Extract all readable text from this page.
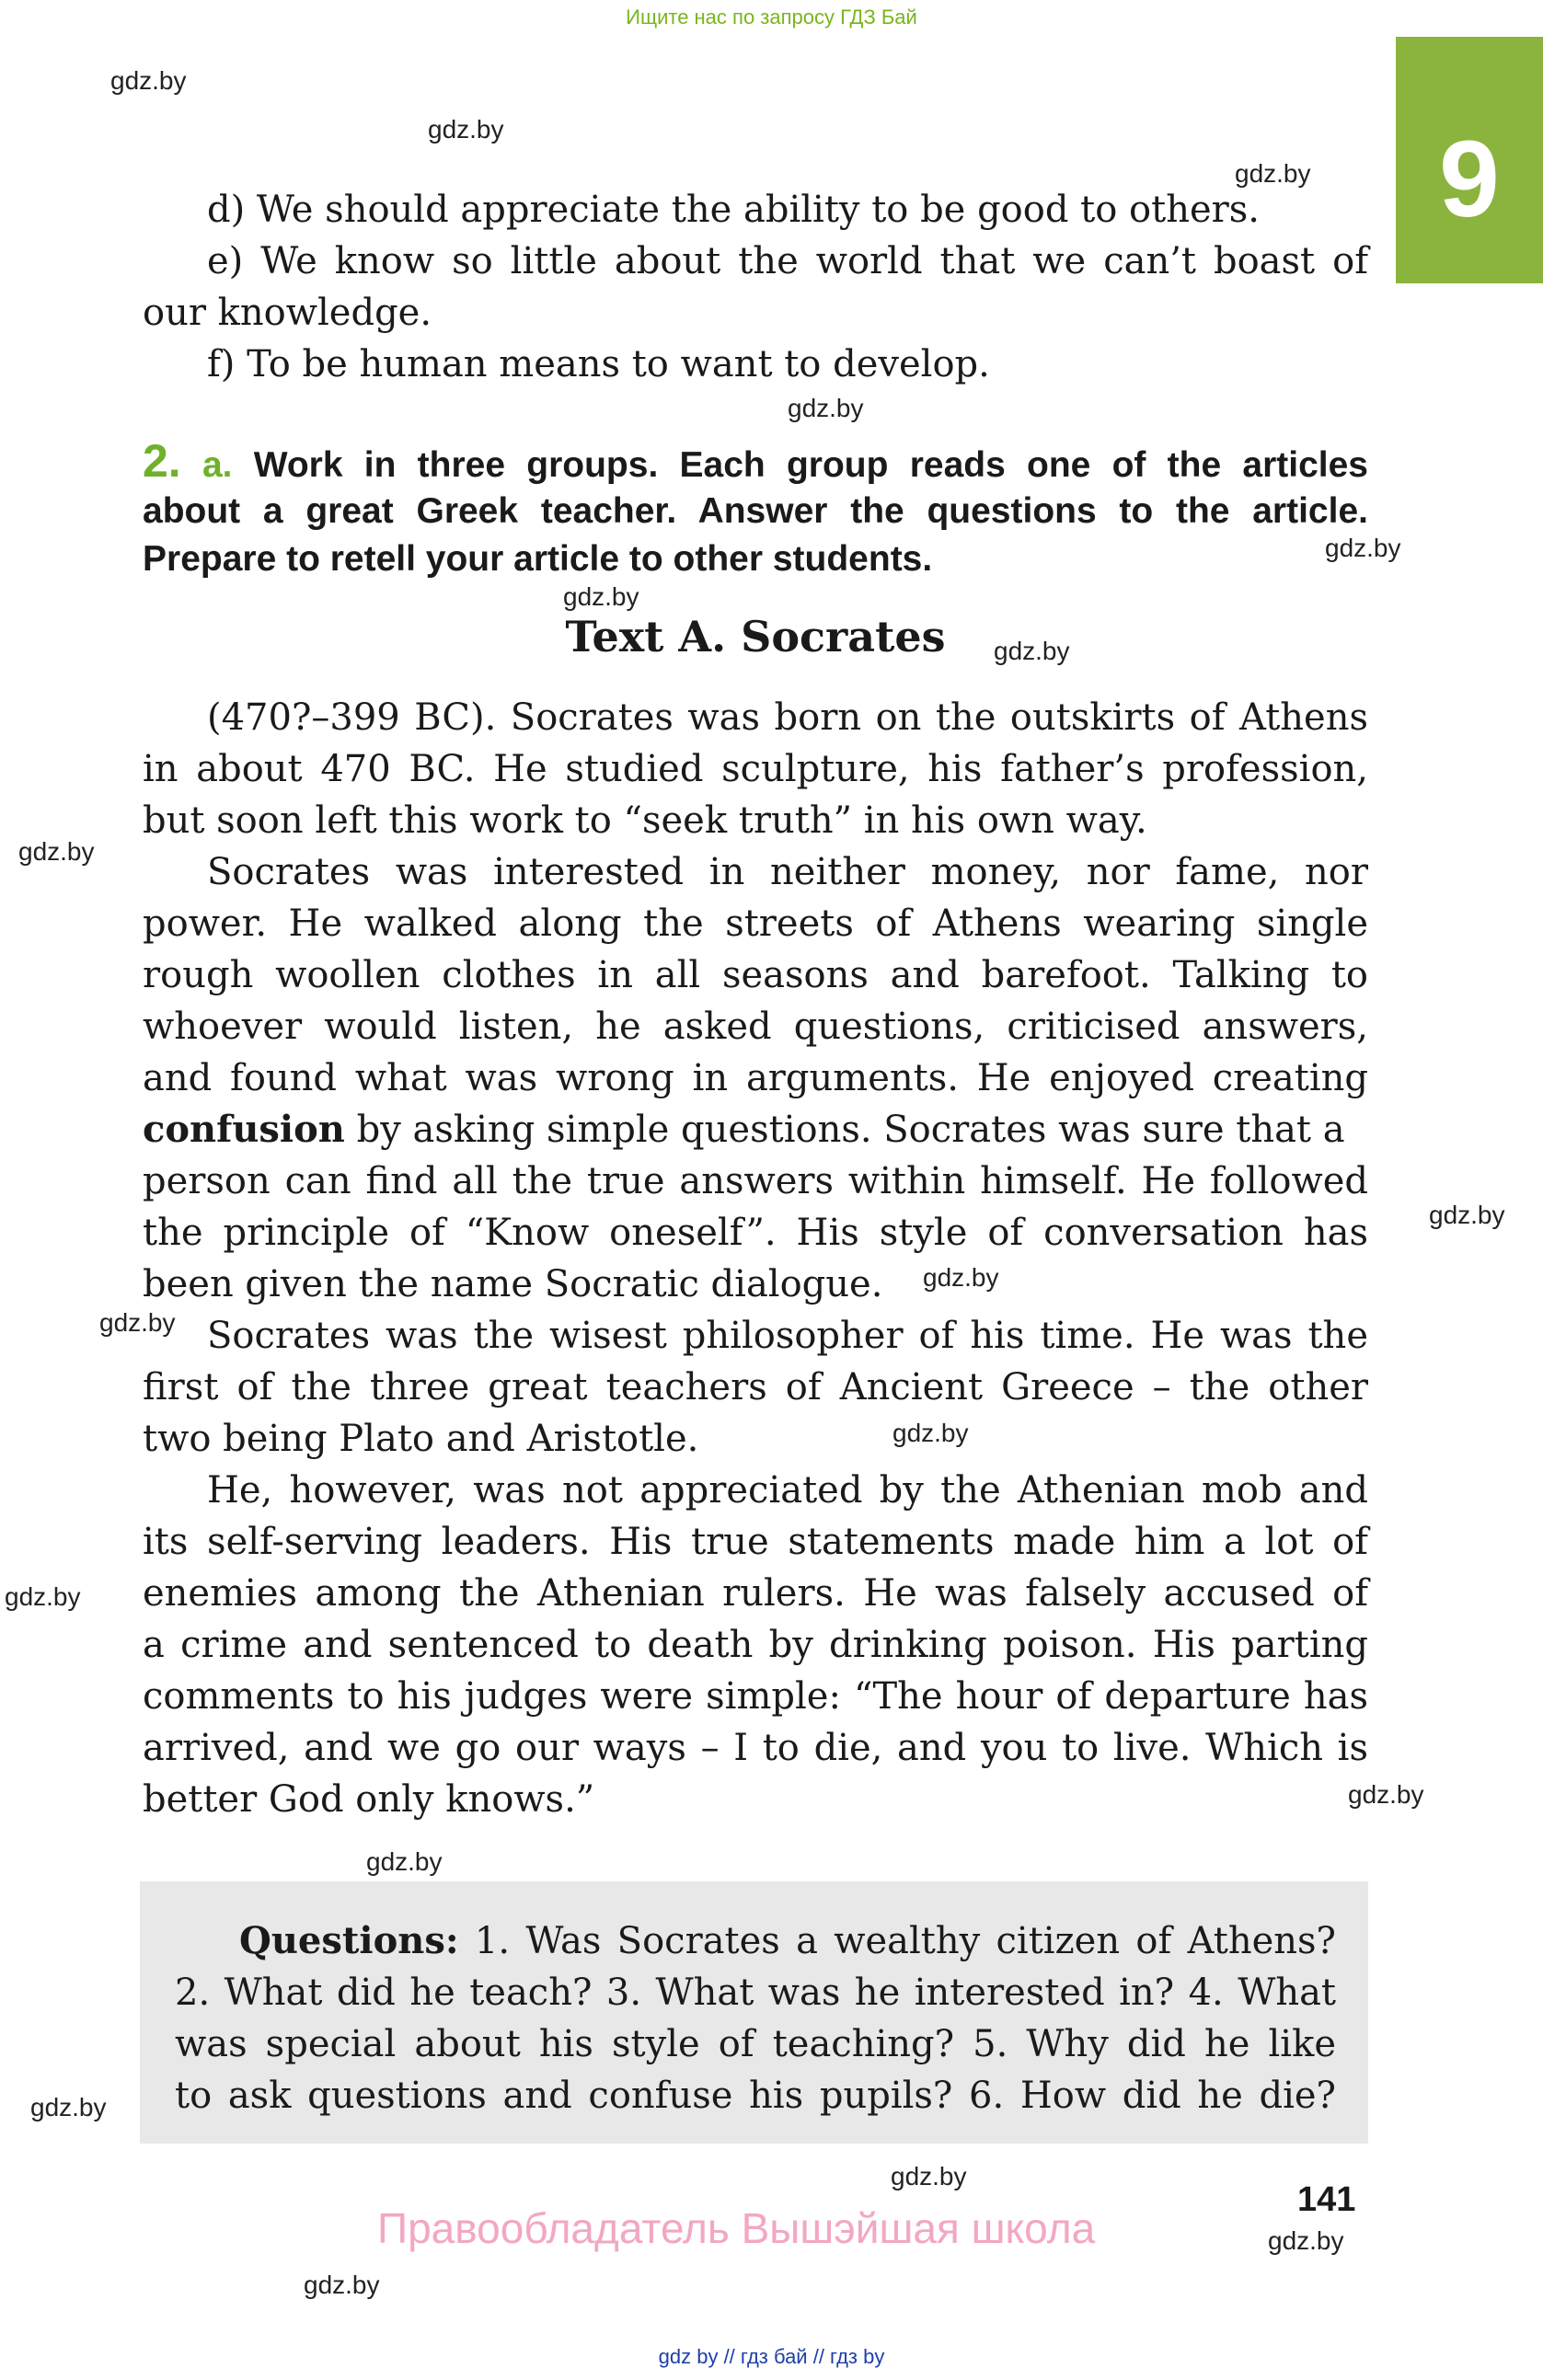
Ищите нас по запросу ГДЗ Бай
9
gdz.by
gdz.by
gdz.by
gdz.by
gdz.by
gdz.by
gdz.by
gdz.by
gdz.by
gdz.by
gdz.by
gdz.by
gdz.by
gdz.by
gdz.by
gdz.by
gdz.by
gdz.by
gdz.by
d) We should appreciate the ability to be good to others.
e) We know so little about the world that we can’t boast of
our knowledge.
f) To be human means to want to develop.
2. a. Work in three groups. Each group reads one of the articles
about a great Greek teacher. Answer the questions to the article.
Prepare to retell your article to other students.
Text A. Socrates
(470?–399 BC). Socrates was born on the outskirts of Athens
in about 470 BC. He studied sculpture, his father’s profession,
but soon left this work to “seek truth” in his own way.
Socrates was interested in neither money, nor fame, nor
power. He walked along the streets of Athens wearing single
rough woollen clothes in all seasons and barefoot. Talking to
whoever would listen, he asked questions, criticised answers,
and found what was wrong in arguments. He enjoyed creating
confusion by asking simple questions. Socrates was sure that a
person can find all the true answers within himself. He followed
the principle of “Know oneself”. His style of conversation has
been given the name Socratic dialogue.
Socrates was the wisest philosopher of his time. He was the
first of the three great teachers of Ancient Greece – the other
two being Plato and Aristotle.
He, however, was not appreciated by the Athenian mob and
its self-serving leaders. His true statements made him a lot of
enemies among the Athenian rulers. He was falsely accused of
a crime and sentenced to death by drinking poison. His parting
comments to his judges were simple: “The hour of departure has
arrived, and we go our ways – I to die, and you to live. Which is
better God only knows.”
Questions: 1. Was Socrates a wealthy citizen of Athens?
2. What did he teach? 3. What was he interested in? 4. What
was special about his style of teaching? 5. Why did he like
to ask questions and confuse his pupils? 6. How did he die?
141
Правообладатель Вышэйшая школа
gdz by // гдз бай // гдз by
